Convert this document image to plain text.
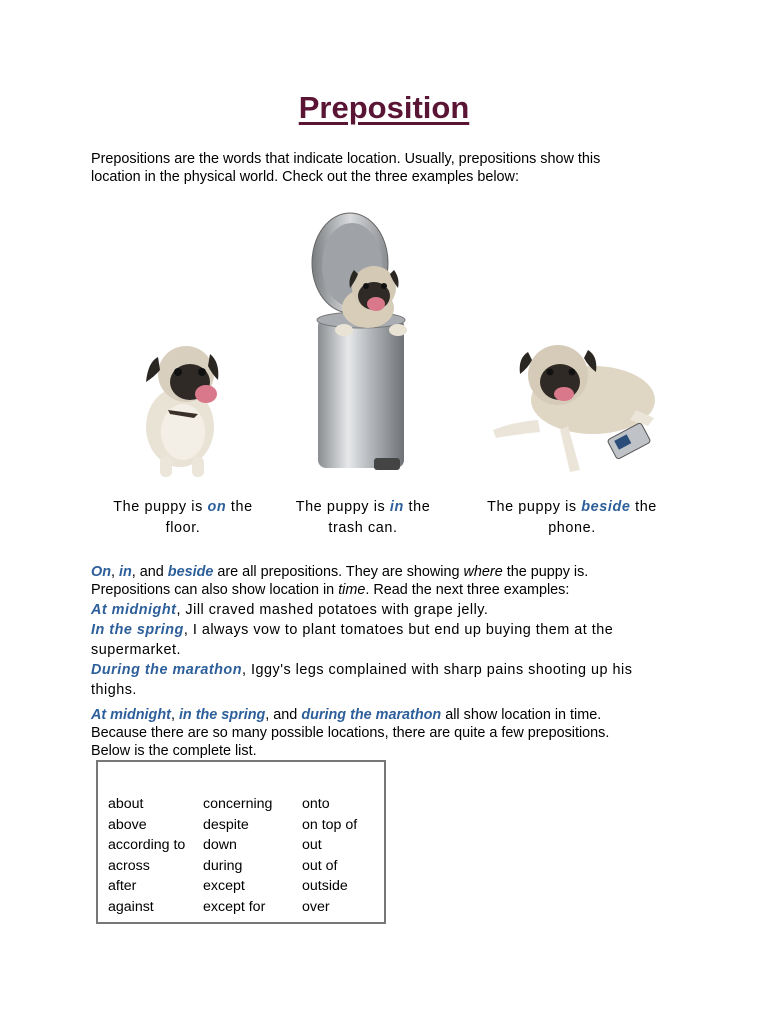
Preposition
Prepositions are the words that indicate location. Usually, prepositions show this
location in the physical world. Check out the three examples below:
The puppy is on the
floor.
The puppy is in the
trash can.
The puppy is beside the
phone.
On, in, and beside are all prepositions. They are showing where the puppy is.
Prepositions can also show location in time. Read the next three examples:
At midnight, Jill craved mashed potatoes with grape jelly.
In the spring, I always vow to plant tomatoes but end up buying them at the supermarket.
During the marathon, Iggy's legs complained with sharp pains shooting up his thighs.
At midnight, in the spring, and during the marathon all show location in time.
Because there are so many possible locations, there are quite a few prepositions.
Below is the complete list.
about
above
according to
across
after
against
concerning
despite
down
during
except
except for
onto
on top of
out
out of
outside
over
